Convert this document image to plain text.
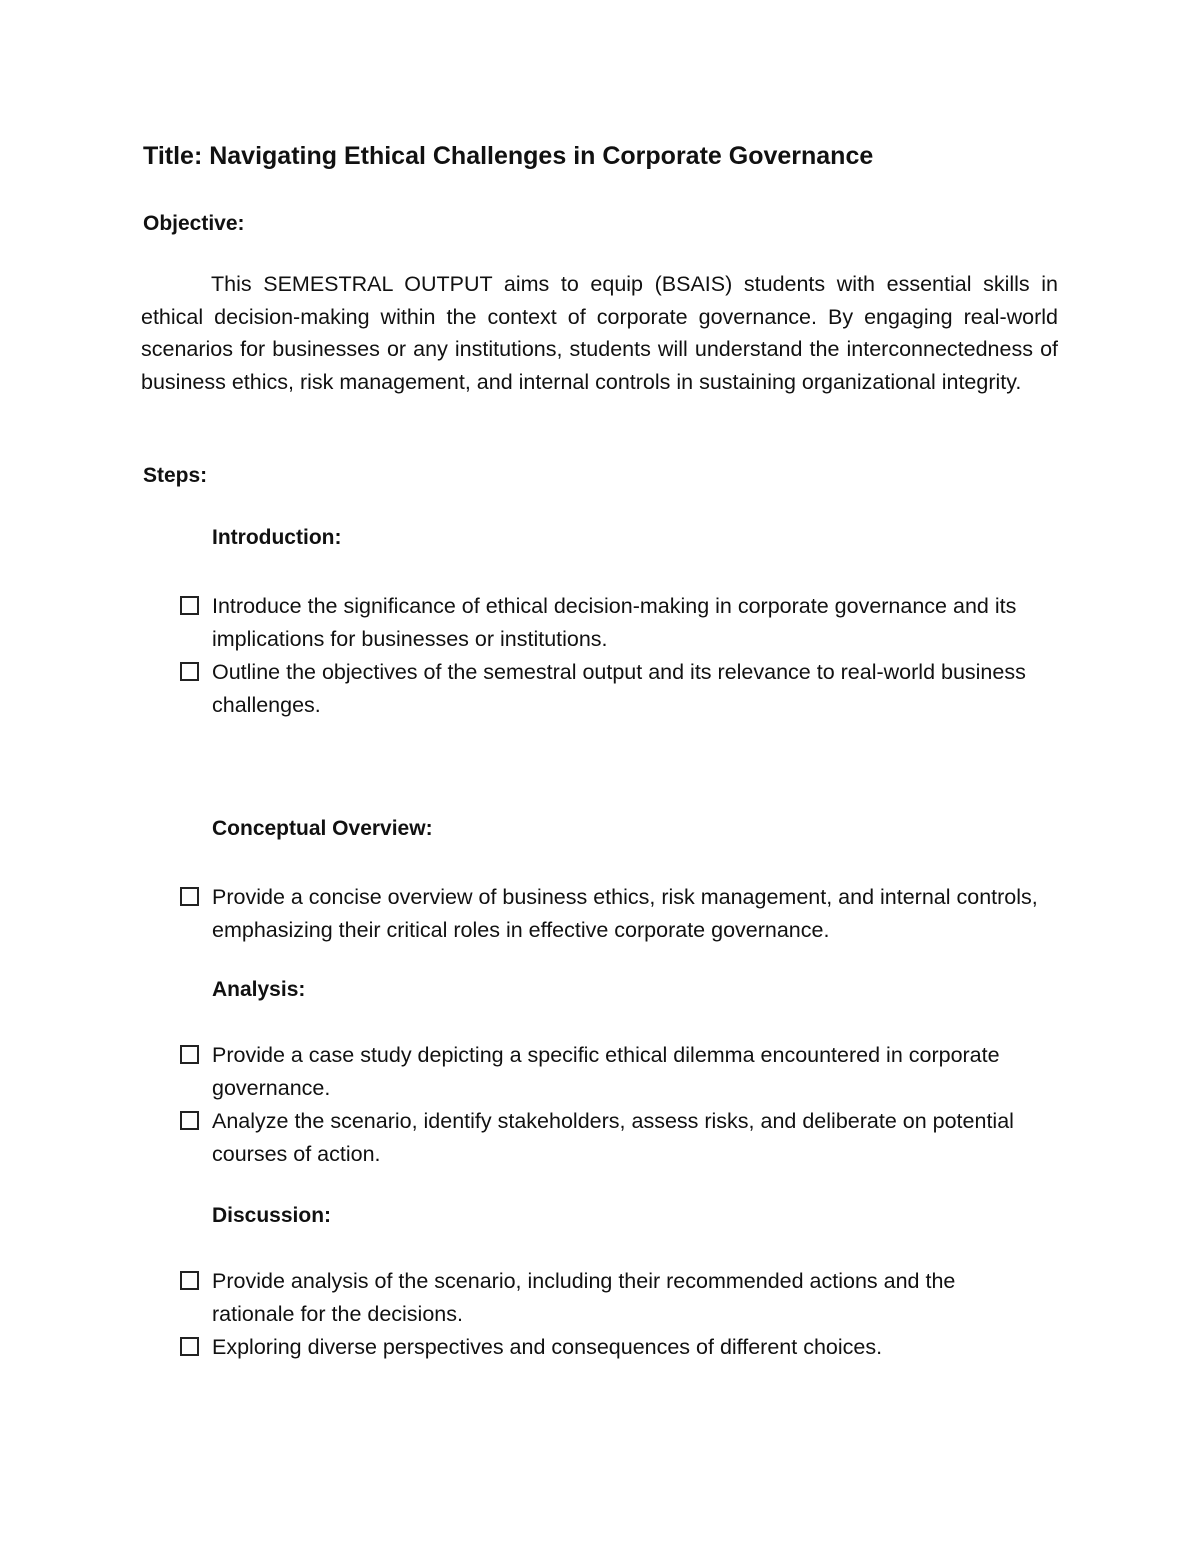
Title: Navigating Ethical Challenges in Corporate Governance
Objective:

This SEMESTRAL OUTPUT aims to equip (BSAIS) students with essential skills in ethical decision-making within the context of corporate governance. By engaging real-world scenarios for businesses or any institutions, students will understand the interconnectedness of business ethics, risk management, and internal controls in sustaining organizational integrity.

Steps:
Introduction:
Introduce the significance of ethical decision-making in corporate governance and its implications for businesses or institutions.
Outline the objectives of the semestral output and its relevance to real-world business challenges.
Conceptual Overview:
Provide a concise overview of business ethics, risk management, and internal controls, emphasizing their critical roles in effective corporate governance.
Analysis:
Provide a case study depicting a specific ethical dilemma encountered in corporate governance.
Analyze the scenario, identify stakeholders, assess risks, and deliberate on potential courses of action.
Discussion:
Provide analysis of the scenario, including their recommended actions and the rationale for the decisions.
Exploring diverse perspectives and consequences of different choices.
